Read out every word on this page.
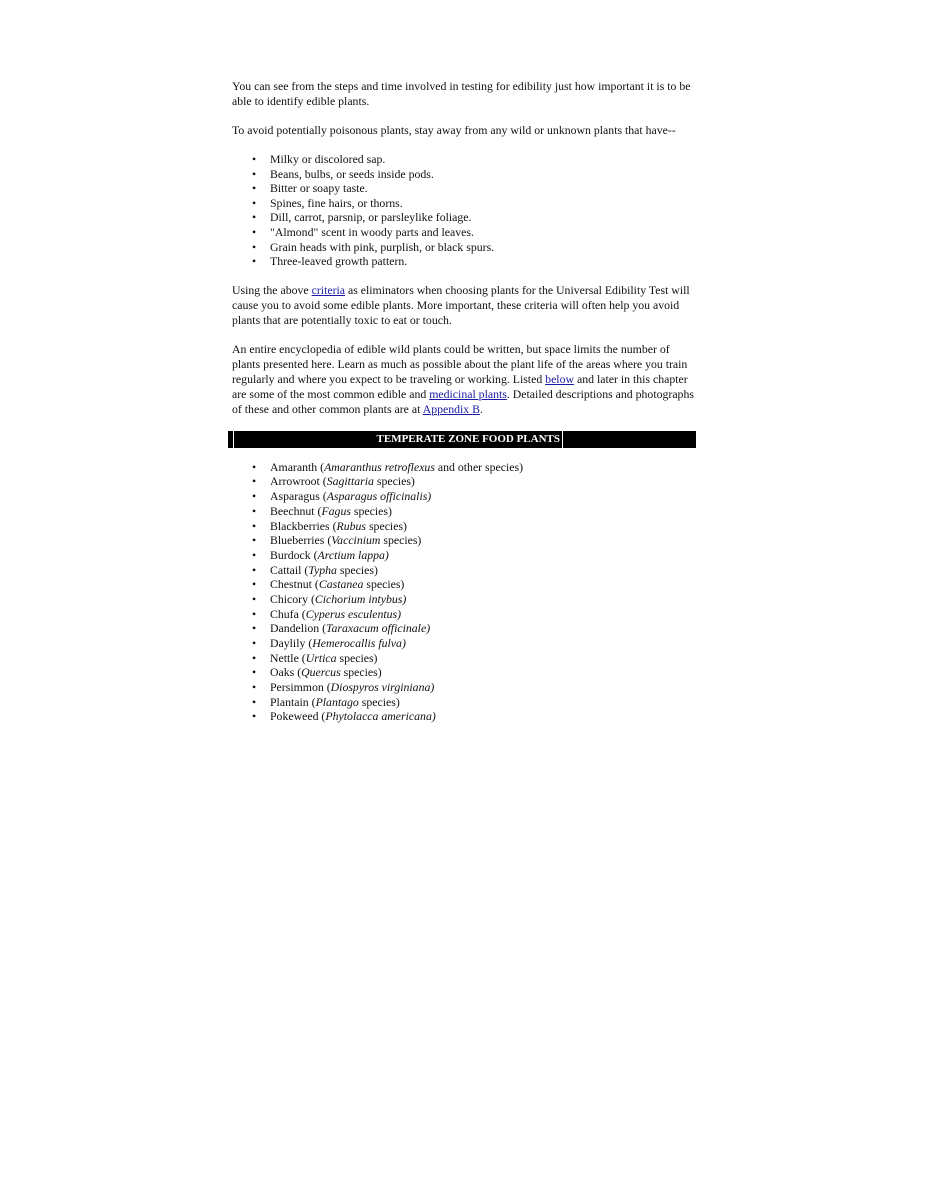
You can see from the steps and time involved in testing for edibility just how important it is to be able to identify edible plants.

To avoid potentially poisonous plants, stay away from any wild or unknown plants that have--

• Milky or discolored sap.
• Beans, bulbs, or seeds inside pods.
• Bitter or soapy taste.
• Spines, fine hairs, or thorns.
• Dill, carrot, parsnip, or parsleylike foliage.
• "Almond" scent in woody parts and leaves.
• Grain heads with pink, purplish, or black spurs.
• Three-leaved growth pattern.

Using the above criteria as eliminators when choosing plants for the Universal Edibility Test will cause you to avoid some edible plants. More important, these criteria will often help you avoid plants that are potentially toxic to eat or touch.

An entire encyclopedia of edible wild plants could be written, but space limits the number of plants presented here. Learn as much as possible about the plant life of the areas where you train regularly and where you expect to be traveling or working. Listed below and later in this chapter are some of the most common edible and medicinal plants. Detailed descriptions and photographs of these and other common plants are at Appendix B.

TEMPERATE ZONE FOOD PLANTS
• Amaranth (Amaranthus retroflexus and other species)
• Arrowroot (Sagittaria species)
• Asparagus (Asparagus officinalis)
• Beechnut (Fagus species)
• Blackberries (Rubus species)
• Blueberries (Vaccinium species)
• Burdock (Arctium lappa)
• Cattail (Typha species)
• Chestnut (Castanea species)
• Chicory (Cichorium intybus)
• Chufa (Cyperus esculentus)
• Dandelion (Taraxacum officinale)
• Daylily (Hemerocallis fulva)
• Nettle (Urtica species)
• Oaks (Quercus species)
• Persimmon (Diospyros virginiana)
• Plantain (Plantago species)
• Pokeweed (Phytolacca americana)
